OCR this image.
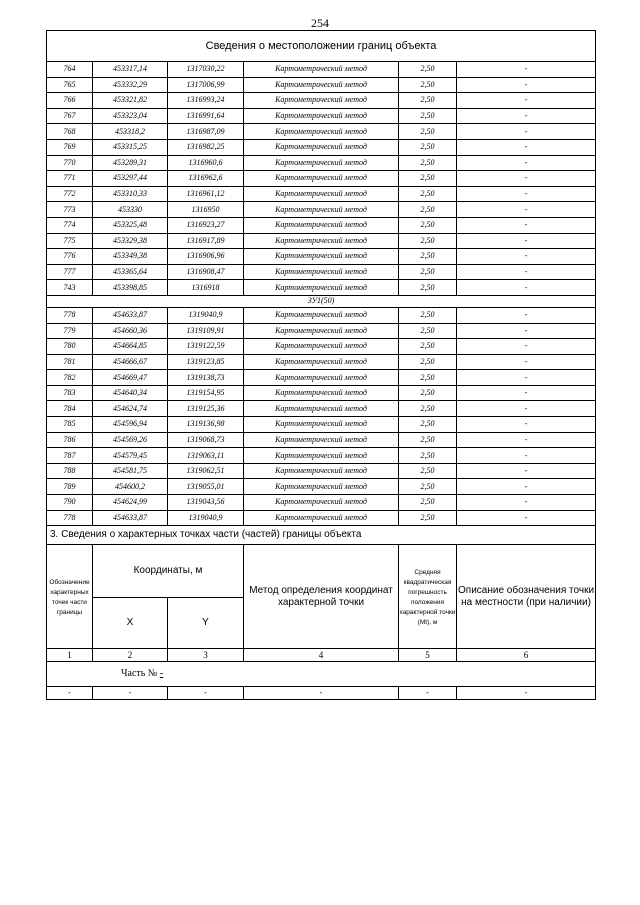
254
Сведения о местоположении границ объекта					
764	453317,14	1317030,22	Картометрический метод	2,50	-
765	453332,29	1317006,99	Картометрический метод	2,50	-
766	453321,82	1316993,24	Картометрический метод	2,50	-
767	453323,04	1316991,64	Картометрический метод	2,50	-
768	453318,2	1316987,09	Картометрический метод	2,50	-
769	453315,25	1316982,25	Картометрический метод	2,50	-
770	453289,31	1316960,6	Картометрический метод	2,50	-
771	453297,44	1316962,6	Картометрический метод	2,50	-
772	453310,33	1316961,12	Картометрический метод	2,50	-
773	453330	1316950	Картометрический метод	2,50	-
774	453325,48	1316923,27	Картометрический метод	2,50	-
775	453329,38	1316917,89	Картометрический метод	2,50	-
776	453349,38	1316906,96	Картометрический метод	2,50	-
777	453365,64	1316908,47	Картометрический метод	2,50	-
743	453398,85	1316918	Картометрический метод	2,50	-
ЗУ1(50)					
778	454633,87	1319040,9	Картометрический метод	2,50	-
779	454660,36	1319109,91	Картометрический метод	2,50	-
780	454664,85	1319122,59	Картометрический метод	2,50	-
781	454666,67	1319123,85	Картометрический метод	2,50	-
782	454669,47	1319138,73	Картометрический метод	2,50	-
783	454640,34	1319154,95	Картометрический метод	2,50	-
784	454624,74	1319125,36	Картометрический метод	2,50	-
785	454596,94	1319136,98	Картометрический метод	2,50	-
786	454569,26	1319068,73	Картометрический метод	2,50	-
787	454579,45	1319063,11	Картометрический метод	2,50	-
788	454581,75	1319062,51	Картометрический метод	2,50	-
789	454600,2	1319055,01	Картометрический метод	2,50	-
790	454624,99	1319043,56	Картометрический метод	2,50	-
778	454633,87	1319040,9	Картометрический метод	2,50	-
3. Сведения о характерных точках части (частей) границы объекта					
Обозначение характерных точек части границы	Координаты, м		Метод определения координат характерной точки	Средняя квадратическая погрешность положения характерной точки (Мt), м	Описание обозначения точки на местности (при наличии)
	X	Y			
1	2	3	4	5	6
Часть № -					
-	-	-	-	-	-
